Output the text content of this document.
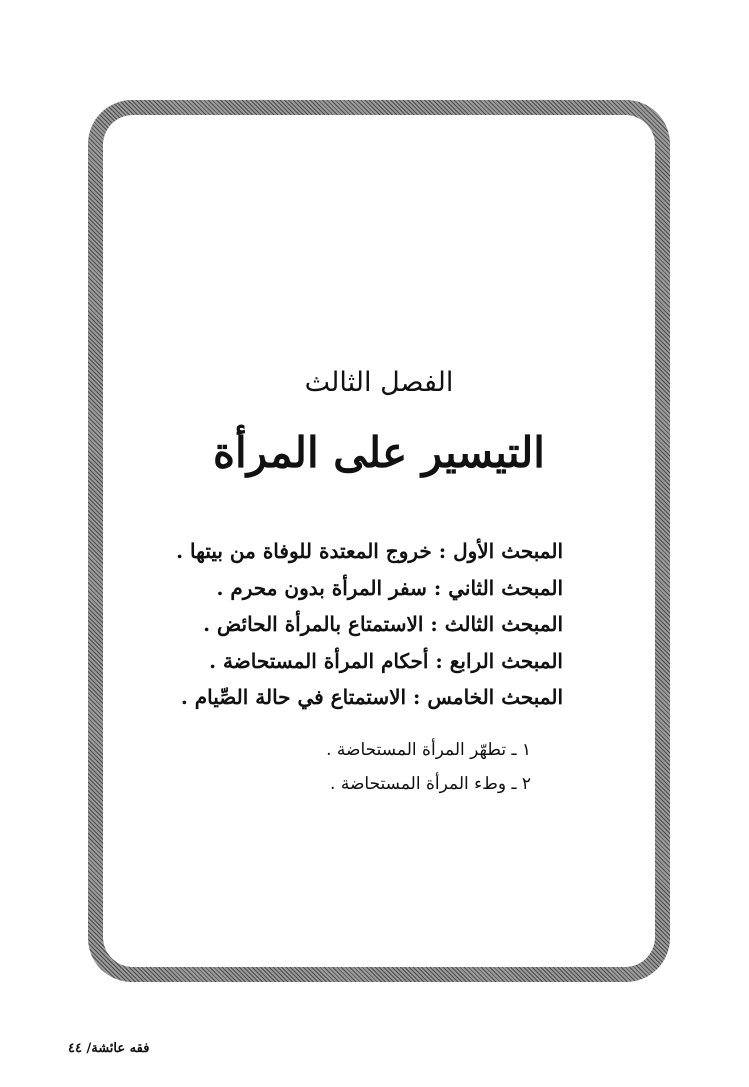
الفصل الثالث
التيسير على المرأة
المبحث الأول : خروج المعتدة للوفاة من بيتها .
المبحث الثاني : سفر المرأة بدون محرم .
المبحث الثالث : الاستمتاع بالمرأة الحائض .
المبحث الرابع : أحكام المرأة المستحاضة .
المبحث الخامس : الاستمتاع في حالة الصِّيام .
١ ـ تطهّر المرأة المستحاضة .
٢ ـ وطء المرأة المستحاضة .
فقه عائشة/ ٤٤
